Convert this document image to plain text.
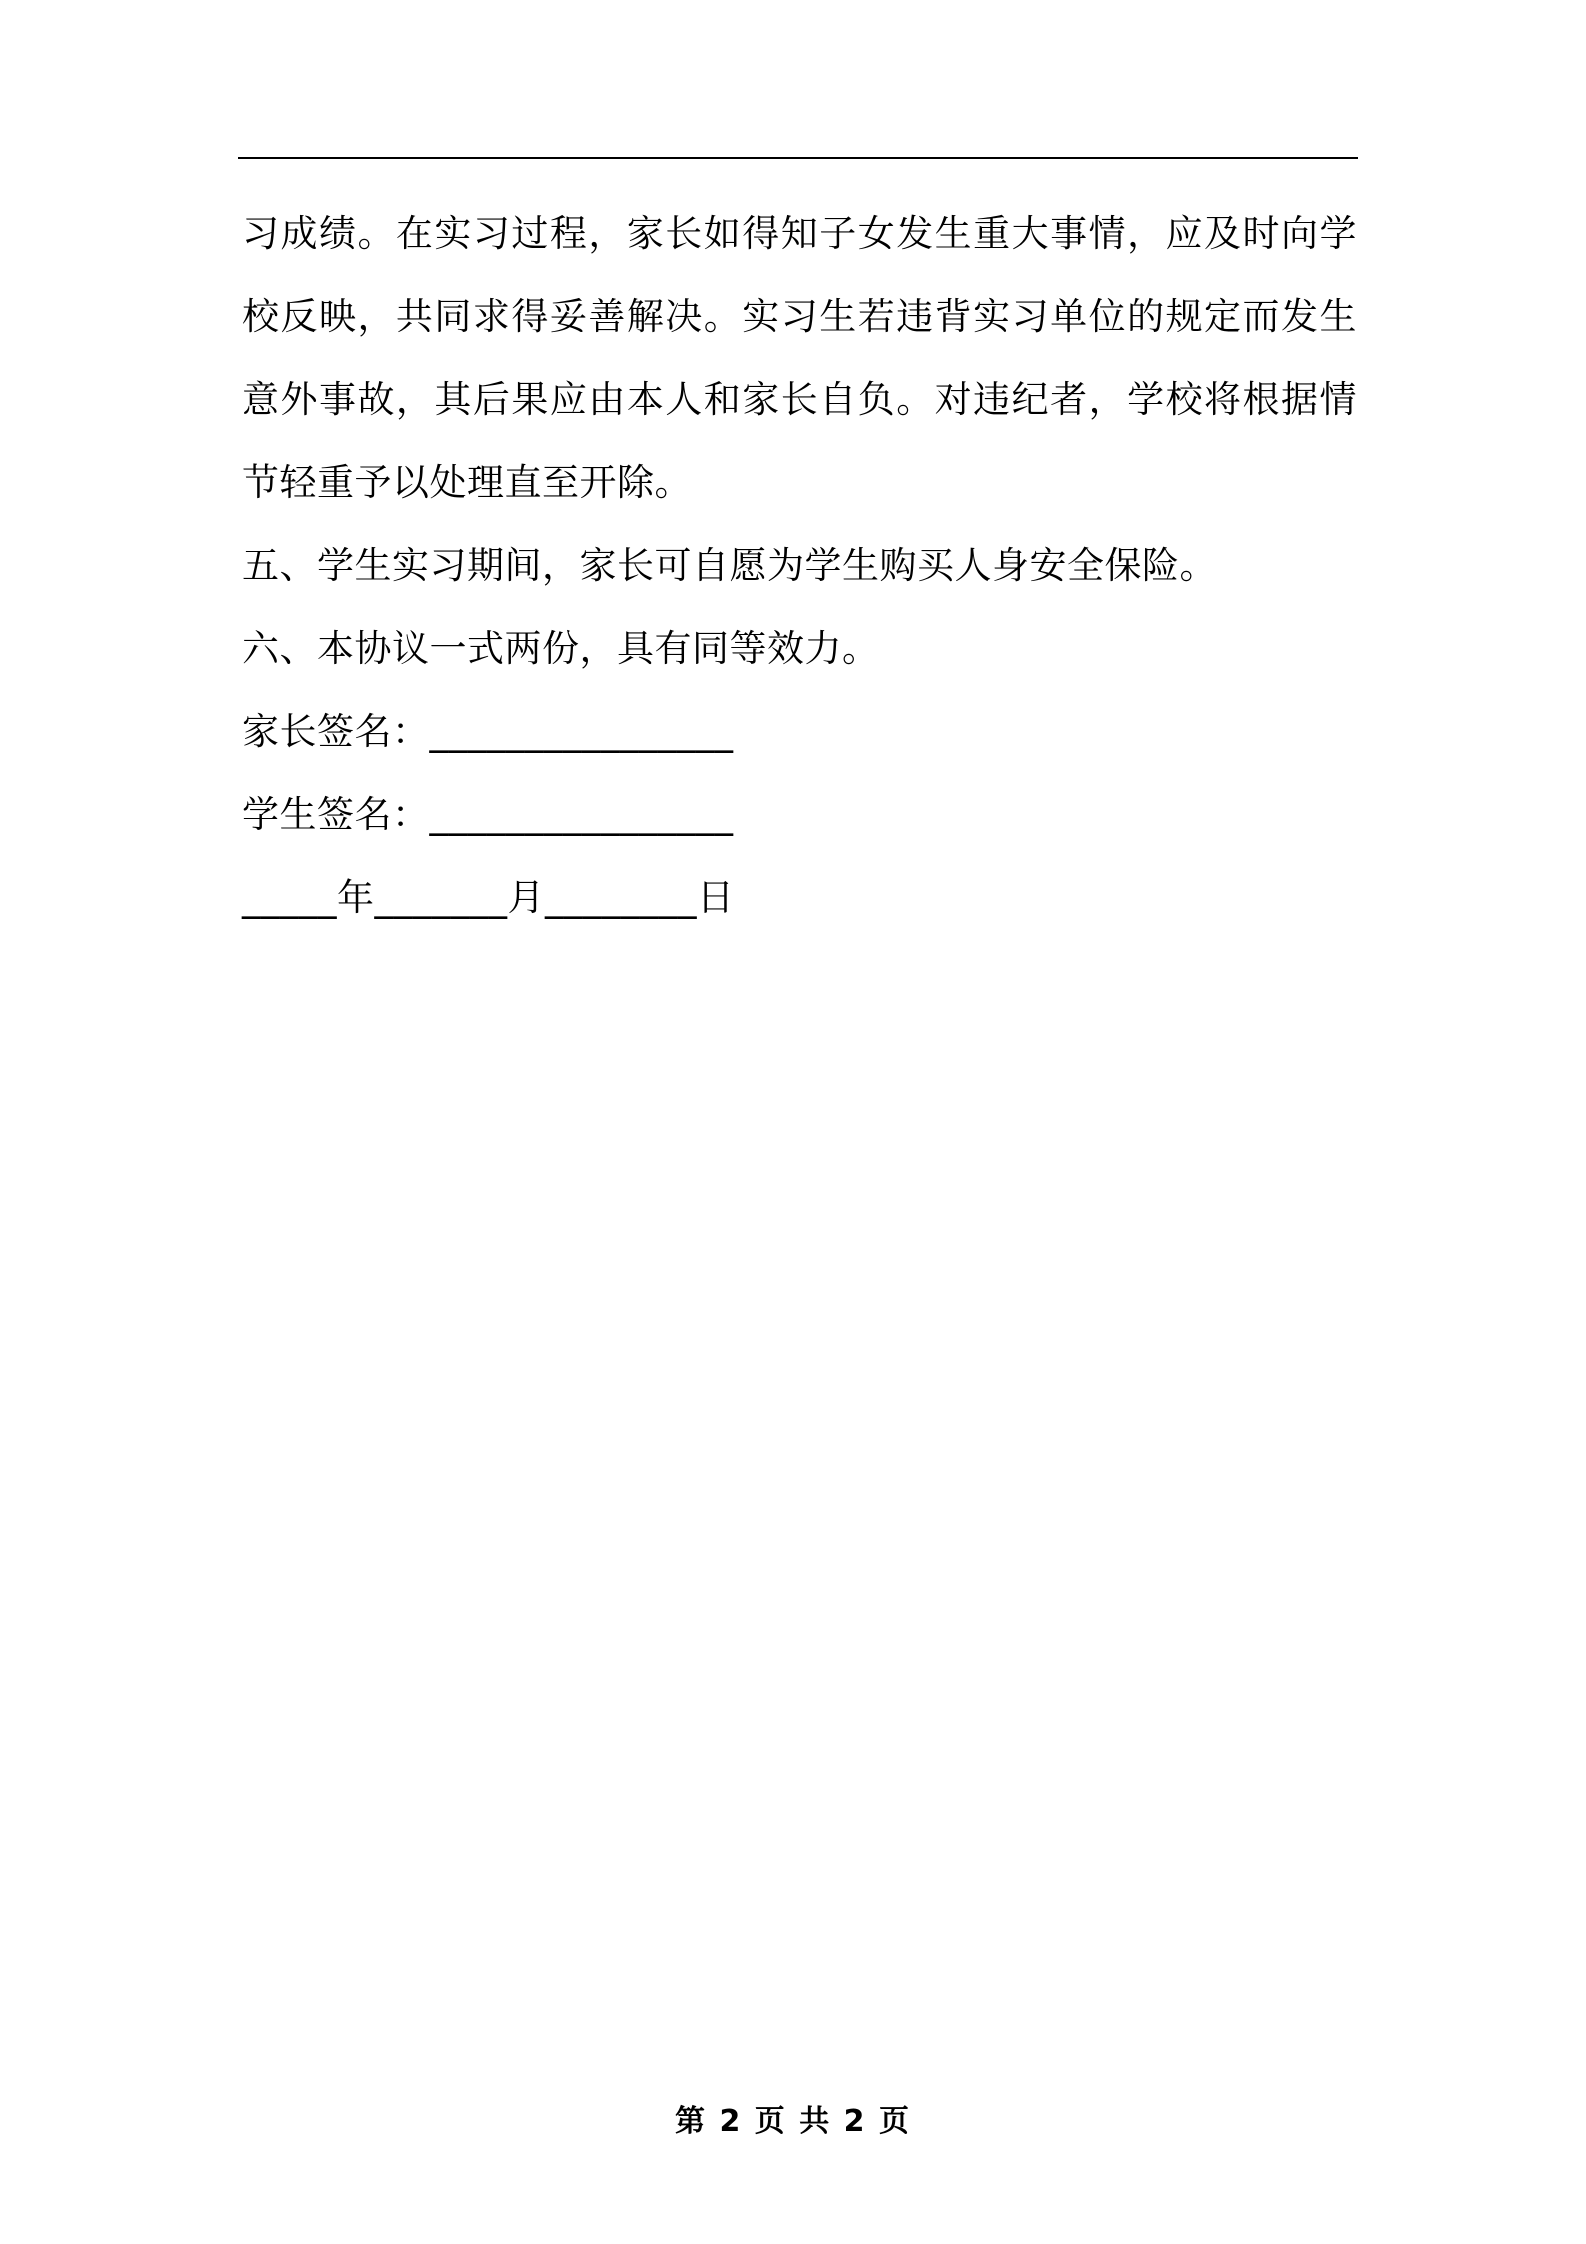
习成绩。在实习过程，家长如得知子女发生重大事情，应及时向学校反映，共同求得妥善解决。实习生若违背实习单位的规定而发生意外事故，其后果应由本人和家长自负。对违纪者，学校将根据情节轻重予以处理直至开除。

五、学生实习期间，家长可自愿为学生购买人身安全保险。

六、本协议一式两份，具有同等效力。

家长签名：________________

学生签名：________________

_____年_______月________日

第 2 页 共 2 页
